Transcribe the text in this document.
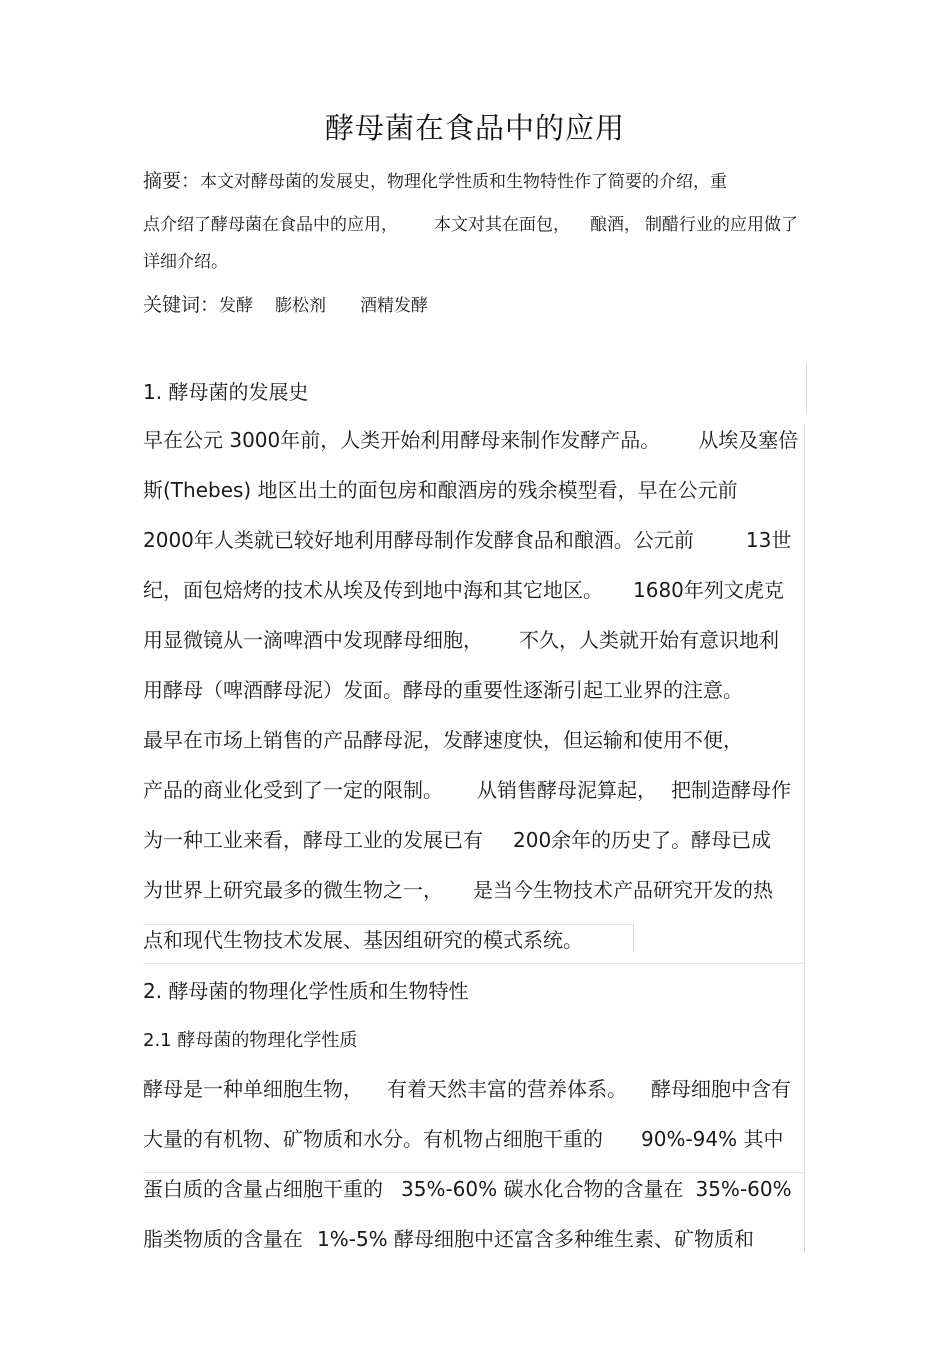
酵母菌在食品中的应用
摘要：本文对酵母菌的发展史，物理化学性质和生物特性作了简要的介绍，重
点介绍了酵母菌在食品中的应用， 本文对其在面包， 酿酒， 制醋行业的应用做了
详细介绍。
关键词：发酵 膨松剂 酒精发酵
1. 酵母菌的发展史
早在公元 3000年前，人类开始利用酵母来制作发酵产品。 从埃及塞倍
斯(Thebes) 地区出土的面包房和酿酒房的残余模型看，早在公元前
2000年人类就已较好地利用酵母制作发酵食品和酿酒。公元前	13世
纪，面包焙烤的技术从埃及传到地中海和其它地区。 1680年列文虎克
用显微镜从一滴啤酒中发现酵母细胞， 不久，人类就开始有意识地利
用酵母（啤酒酵母泥）发面。酵母的重要性逐渐引起工业界的注意。
最早在市场上销售的产品酵母泥，发酵速度快，但运输和使用不便，
产品的商业化受到了一定的限制。 从销售酵母泥算起， 把制造酵母作
为一种工业来看，酵母工业的发展已有 200余年的历史了。酵母已成
为世界上研究最多的微生物之一， 是当今生物技术产品研究开发的热
点和现代生物技术发展、基因组研究的模式系统。
2. 酵母菌的物理化学性质和生物特性
2.1 酵母菌的物理化学性质
酵母是一种单细胞生物， 有着天然丰富的营养体系。 酵母细胞中含有
大量的有机物、矿物质和水分。有机物占细胞干重的 90%-94% 其中
蛋白质的含量占细胞干重的 35%-60% 碳水化合物的含量在 35%-60%
脂类物质的含量在 1%-5% 酵母细胞中还富含多种维生素、矿物质和
